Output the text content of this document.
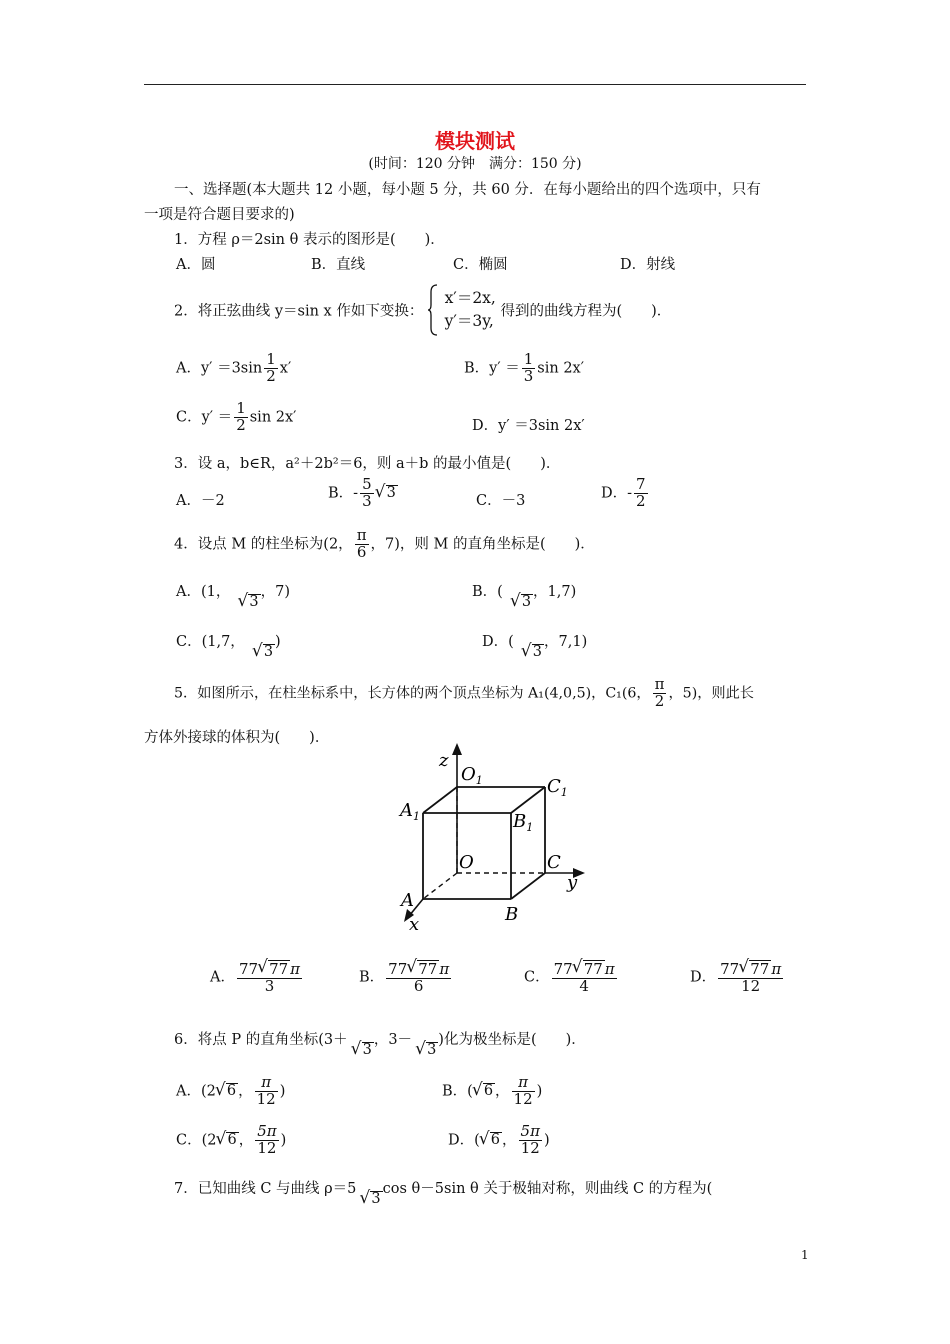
模块测试
(时间：120 分钟　满分：150 分)
一、选择题(本大题共 12 小题，每小题 5 分，共 60 分．在每小题给出的四个选项中，只有
一项是符合题目要求的)
1．方程 ρ＝2sin θ 表示的图形是(　　)．
A．圆	B．直线	C．椭圆	D．射线
2．将正弦曲线 y＝sin x 作如下变换：
x′＝2x,
y′＝3y,
得到的曲线方程为(　　)．
A．$y' =3\sin \frac{1}{2} x'$	B．$y' = \frac{1}{3}$ sin 2x′
C．$y' = \frac{1}{2}$ sin 2x′
D．y′ ＝3sin 2x′
3．设 a，b∈R，a²＋2b²＝6，则 a＋b 的最小值是(　　)．
A．－2	B．- $\frac{5}{3}$ √ 3	C．－3	D．- $\frac{7}{2}$
4．设点 M 的柱坐标为(2， $\frac{\pi}{6}$ ，7)，则 M 的直角坐标是(　　)．
A．(1，√ 3，7)	B．(√ 3，1,7)
C．(1,7，√ 3)	D．(√ 3，7,1)
5．如图所示，在柱坐标系中，长方体的两个顶点坐标为 A₁(4,0,5)，C₁(6， $\frac{\pi}{2}$ ，5)，则此长
方体外接球的体积为(　　)．
z
$O_1$	$C_1$
$A_1$	$B_1$
O	C
y
A
B
x
A． $\frac{77 √ 77 \pi}{3}$	B． $\frac{77 √ 77 \pi}{6}$	C． $\frac{77 √ 77 \pi}{4}$	D． $\frac{77 √ 77 \pi}{12}$
6．将点 P 的直角坐标(3＋√ 3，3－√ 3)化为极坐标是(　　)．
A．(2 √ 6 ， $\frac{\pi}{12}$ )	B．( √ 6 ， $\frac{\pi}{12}$ )
C．(2 √ 6 ， $\frac{5\pi}{12}$ )	D．( √ 6 ， $\frac{5\pi}{12}$ )
7．已知曲线 C 与曲线 ρ＝5√ 3cos θ－5sin θ 关于极轴对称，则曲线 C 的方程为(
1
